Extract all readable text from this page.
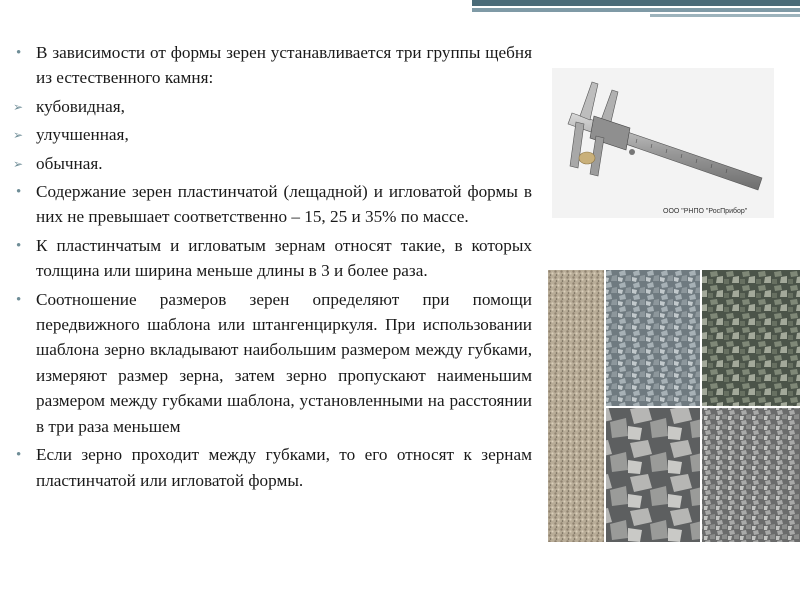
• В зависимости от формы зерен устанавливается три группы щебня из естественного камня:
➢ кубовидная,
➢ улучшенная,
➢ обычная.
• Содержание зерен пластинчатой (лещадной) и игловатой формы в них не превышает соответственно – 15, 25 и 35% по массе.
• К пластинчатым и игловатым зернам относят такие, в которых толщина или ширина меньше длины в 3 и более раза.
• Соотношение размеров зерен определяют при помощи передвижного шаблона или штангенциркуля. При использовании шаблона зерно вкладывают наибольшим размером между губками, измеряют размер зерна, затем зерно пропускают наименьшим размером между губками шаблона, установленными на расстоянии в три раза меньшем
• Если зерно проходит между губками, то его относят к зернам пластинчатой или игловатой формы.
ООО "РНПО "РосПрибор"
